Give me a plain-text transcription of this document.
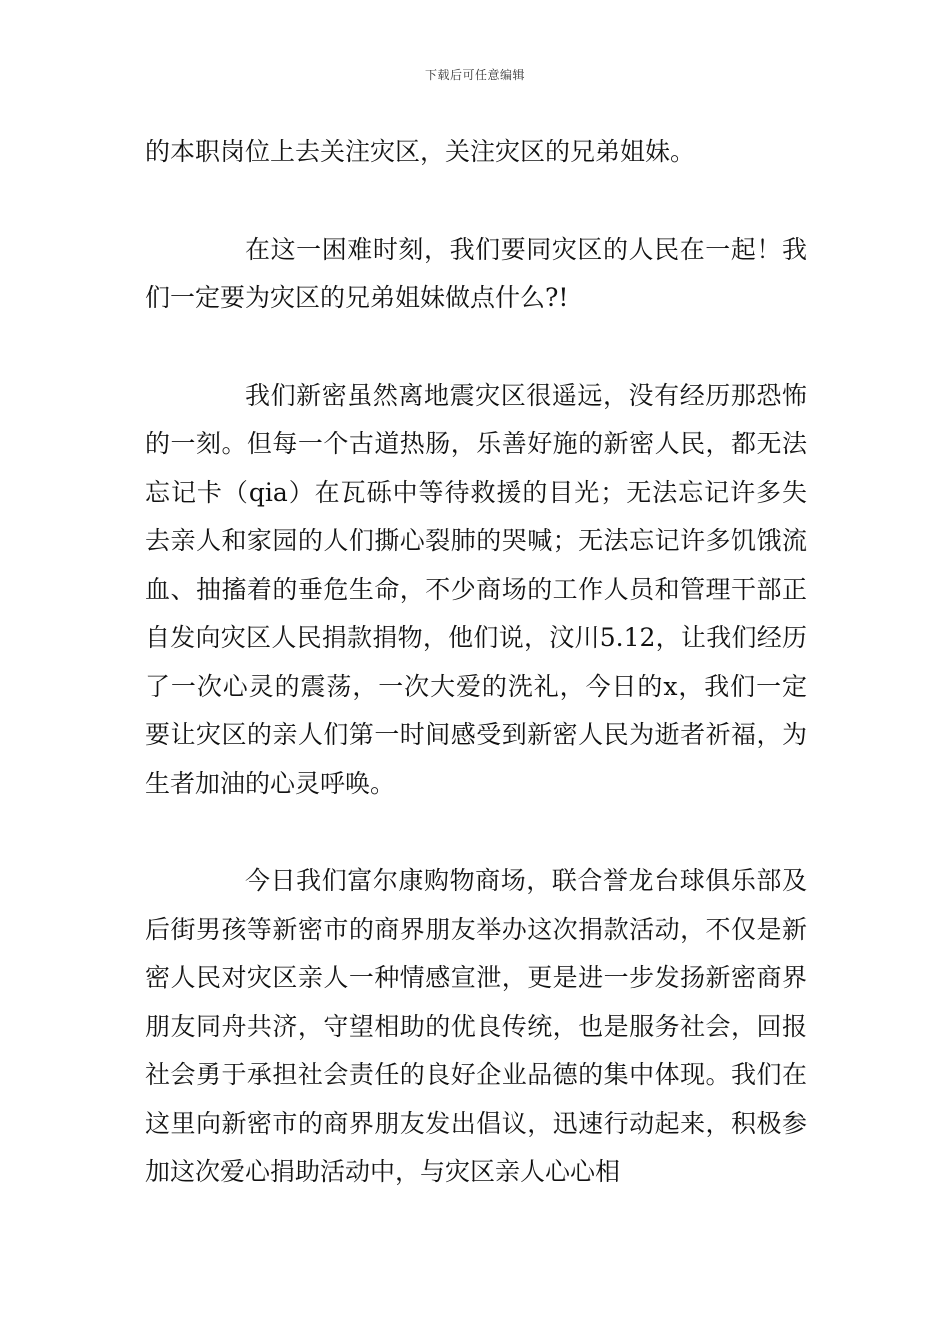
下载后可任意编辑

的本职岗位上去关注灾区，关注灾区的兄弟姐妹。

在这一困难时刻，我们要同灾区的人民在一起！我们一定要为灾区的兄弟姐妹做点什么?!

我们新密虽然离地震灾区很遥远，没有经历那恐怖的一刻。但每一个古道热肠，乐善好施的新密人民，都无法忘记卡（qia）在瓦砾中等待救援的目光；无法忘记许多失去亲人和家园的人们撕心裂肺的哭喊；无法忘记许多饥饿流血、抽搐着的垂危生命，不少商场的工作人员和管理干部正自发向灾区人民捐款捐物，他们说，汶川5.12，让我们经历了一次心灵的震荡，一次大爱的洗礼，今日的x，我们一定要让灾区的亲人们第一时间感受到新密人民为逝者祈福，为生者加油的心灵呼唤。

今日我们富尔康购物商场，联合誉龙台球俱乐部及后街男孩等新密市的商界朋友举办这次捐款活动，不仅是新密人民对灾区亲人一种情感宣泄，更是进一步发扬新密商界朋友同舟共济，守望相助的优良传统，也是服务社会，回报社会勇于承担社会责任的良好企业品德的集中体现。我们在这里向新密市的商界朋友发出倡议，迅速行动起来，积极参加这次爱心捐助活动中，与灾区亲人心心相
